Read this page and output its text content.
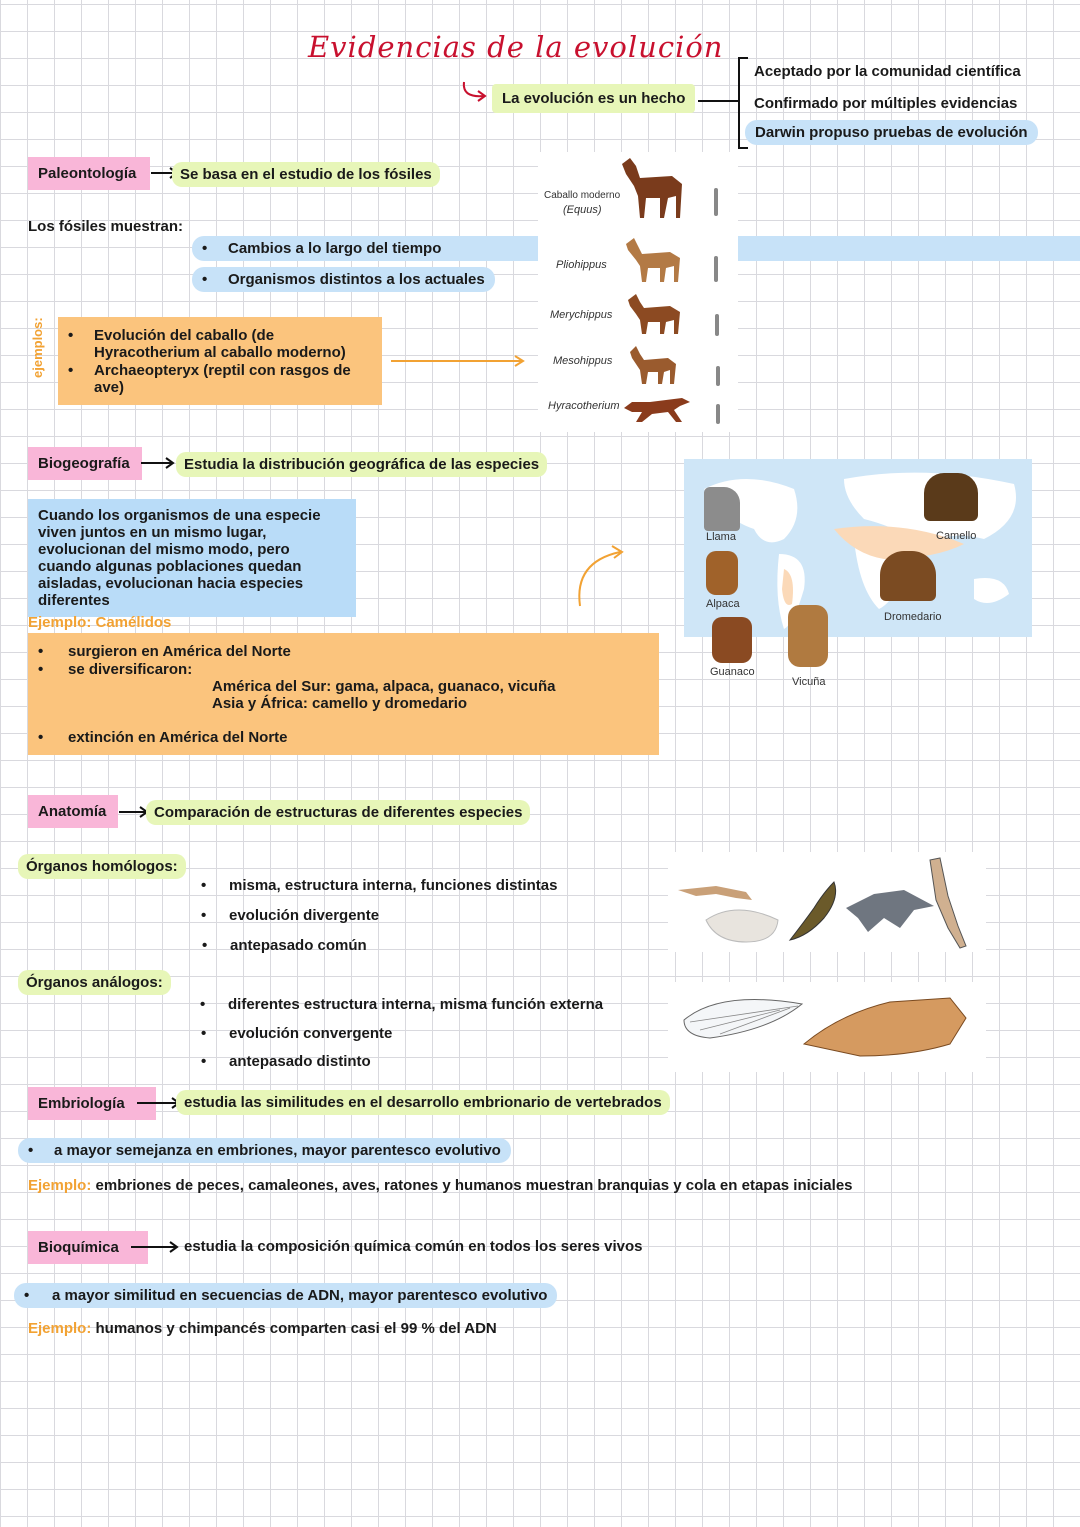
Evidencias de la evolución
La evolución es un hecho
Aceptado por la comunidad científica
Confirmado por múltiples evidencias
Darwin propuso pruebas de evolución
Paleontología	Se basa en el estudio de los fósiles
Los fósiles muestran:
• Cambios a lo largo del tiempo
• Organismos distintos a los actuales
ejemplos: • Evolución del caballo (de Hyracotherium al caballo moderno)
• Archaeopteryx (reptil con rasgos de ave)
Caballo moderno
(Equus)
Pliohippus
Merychippus
Mesohippus
Hyracotherium
Biogeografía	Estudia la distribución geográfica de las especies
Cuando los organismos de una especie viven juntos en un mismo lugar, evolucionan del mismo modo, pero cuando algunas poblaciones quedan aisladas, evolucionan hacia especies diferentes
Ejemplo: Camélidos
• surgieron en América del Norte
• se diversificaron:
América del Sur: gama, alpaca, guanaco, vicuña
Asia y África: camello y dromedario
• extinción en América del Norte
Llama	Camello
Alpaca
Dromedario
Guanaco
Vicuña
Anatomía	Comparación de estructuras de diferentes especies
Órganos homólogos:
• misma, estructura interna, funciones distintas
• evolución divergente
• antepasado común
Órganos análogos:
• diferentes estructura interna, misma función externa
• evolución convergente
• antepasado distinto
Embriología	estudia las similitudes en el desarrollo embrionario de vertebrados
• a mayor semejanza en embriones, mayor parentesco evolutivo
Ejemplo: embriones de peces, camaleones, aves, ratones y humanos muestran branquias y cola en etapas iniciales
Bioquímica	estudia la composición química común en todos los seres vivos
• a mayor similitud en secuencias de ADN, mayor parentesco evolutivo
Ejemplo: humanos y chimpancés comparten casi el 99 % del ADN
